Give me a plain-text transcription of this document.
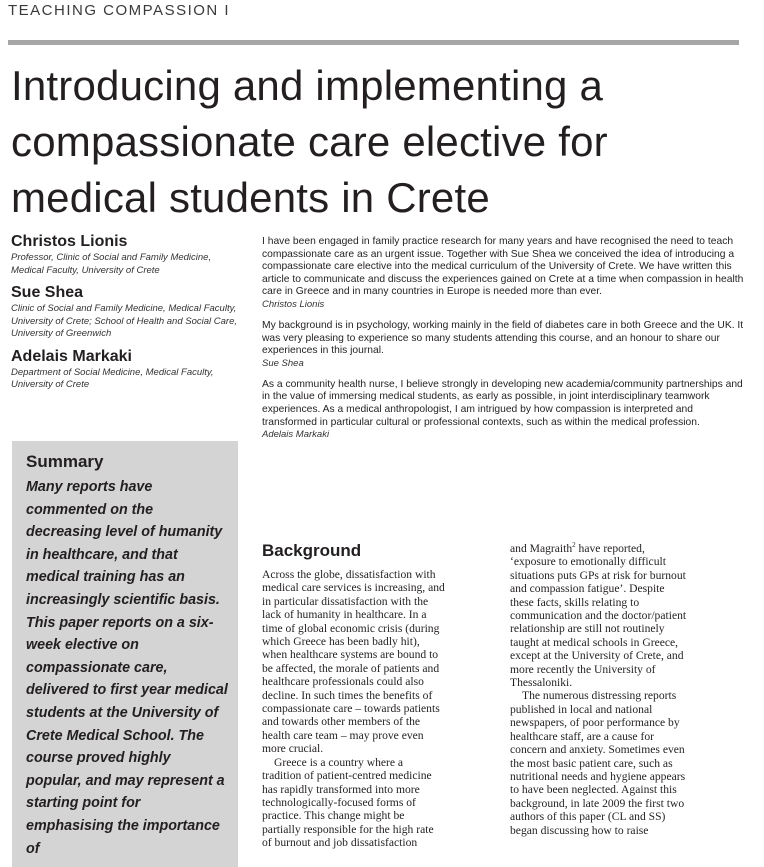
TEACHING COMPASSION I
Introducing and implementing a
compassionate care elective for
medical students in Crete
Christos Lionis
Professor, Clinic of Social and Family Medicine, Medical Faculty, University of Crete
Sue Shea
Clinic of Social and Family Medicine, Medical Faculty, University of Crete; School of Health and Social Care, University of Greenwich
Adelais Markaki
Department of Social Medicine, Medical Faculty, University of Crete
Summary
Many reports have commented on the decreasing level of humanity in healthcare, and that medical training has an increasingly scientific basis. This paper reports on a six-week elective on compassionate care, delivered to first year medical students at the University of Crete Medical School. The course proved highly popular, and may represent a starting point for emphasising the importance of
I have been engaged in family practice research for many years and have recognised the need to teach compassionate care as an urgent issue. Together with Sue Shea we conceived the idea of introducing a compassionate care elective into the medical curriculum of the University of Crete. We have written this article to communicate and discuss the experiences gained on Crete at a time when compassion in health care in Greece and in many countries in Europe is needed more than ever.
Christos Lionis
My background is in psychology, working mainly in the field of diabetes care in both Greece and the UK. It was very pleasing to experience so many students attending this course, and an honour to share our experiences in this journal.
Sue Shea
As a community health nurse, I believe strongly in developing new academia/community partnerships and in the value of immersing medical students, as early as possible, in joint interdisciplinary teamwork experiences. As a medical anthropologist, I am intrigued by how compassion is interpreted and transformed in particular cultural or professional contexts, such as within the medical profession.
Adelais Markaki
Background
Across the globe, dissatisfaction with
medical care services is increasing, and
in particular dissatisfaction with the
lack of humanity in healthcare. In a
time of global economic crisis (during
which Greece has been badly hit),
when healthcare systems are bound to
be affected, the morale of patients and
healthcare professionals could also
decline. In such times the benefits of
compassionate care – towards patients
and towards other members of the
health care team – may prove even
more crucial.
Greece is a country where a
tradition of patient-centred medicine
has rapidly transformed into more
technologically-focused forms of
practice. This change might be
partially responsible for the high rate
of burnout and job dissatisfaction
and Magraith$^2$ have reported,
‘exposure to emotionally difficult
situations puts GPs at risk for burnout
and compassion fatigue’. Despite
these facts, skills relating to
communication and the doctor/patient
relationship are still not routinely
taught at medical schools in Greece,
except at the University of Crete, and
more recently the University of
Thessaloniki.
The numerous distressing reports
published in local and national
newspapers, of poor performance by
healthcare staff, are a cause for
concern and anxiety. Sometimes even
the most basic patient care, such as
nutritional needs and hygiene appears
to have been neglected. Against this
background, in late 2009 the first two
authors of this paper (CL and SS)
began discussing how to raise
